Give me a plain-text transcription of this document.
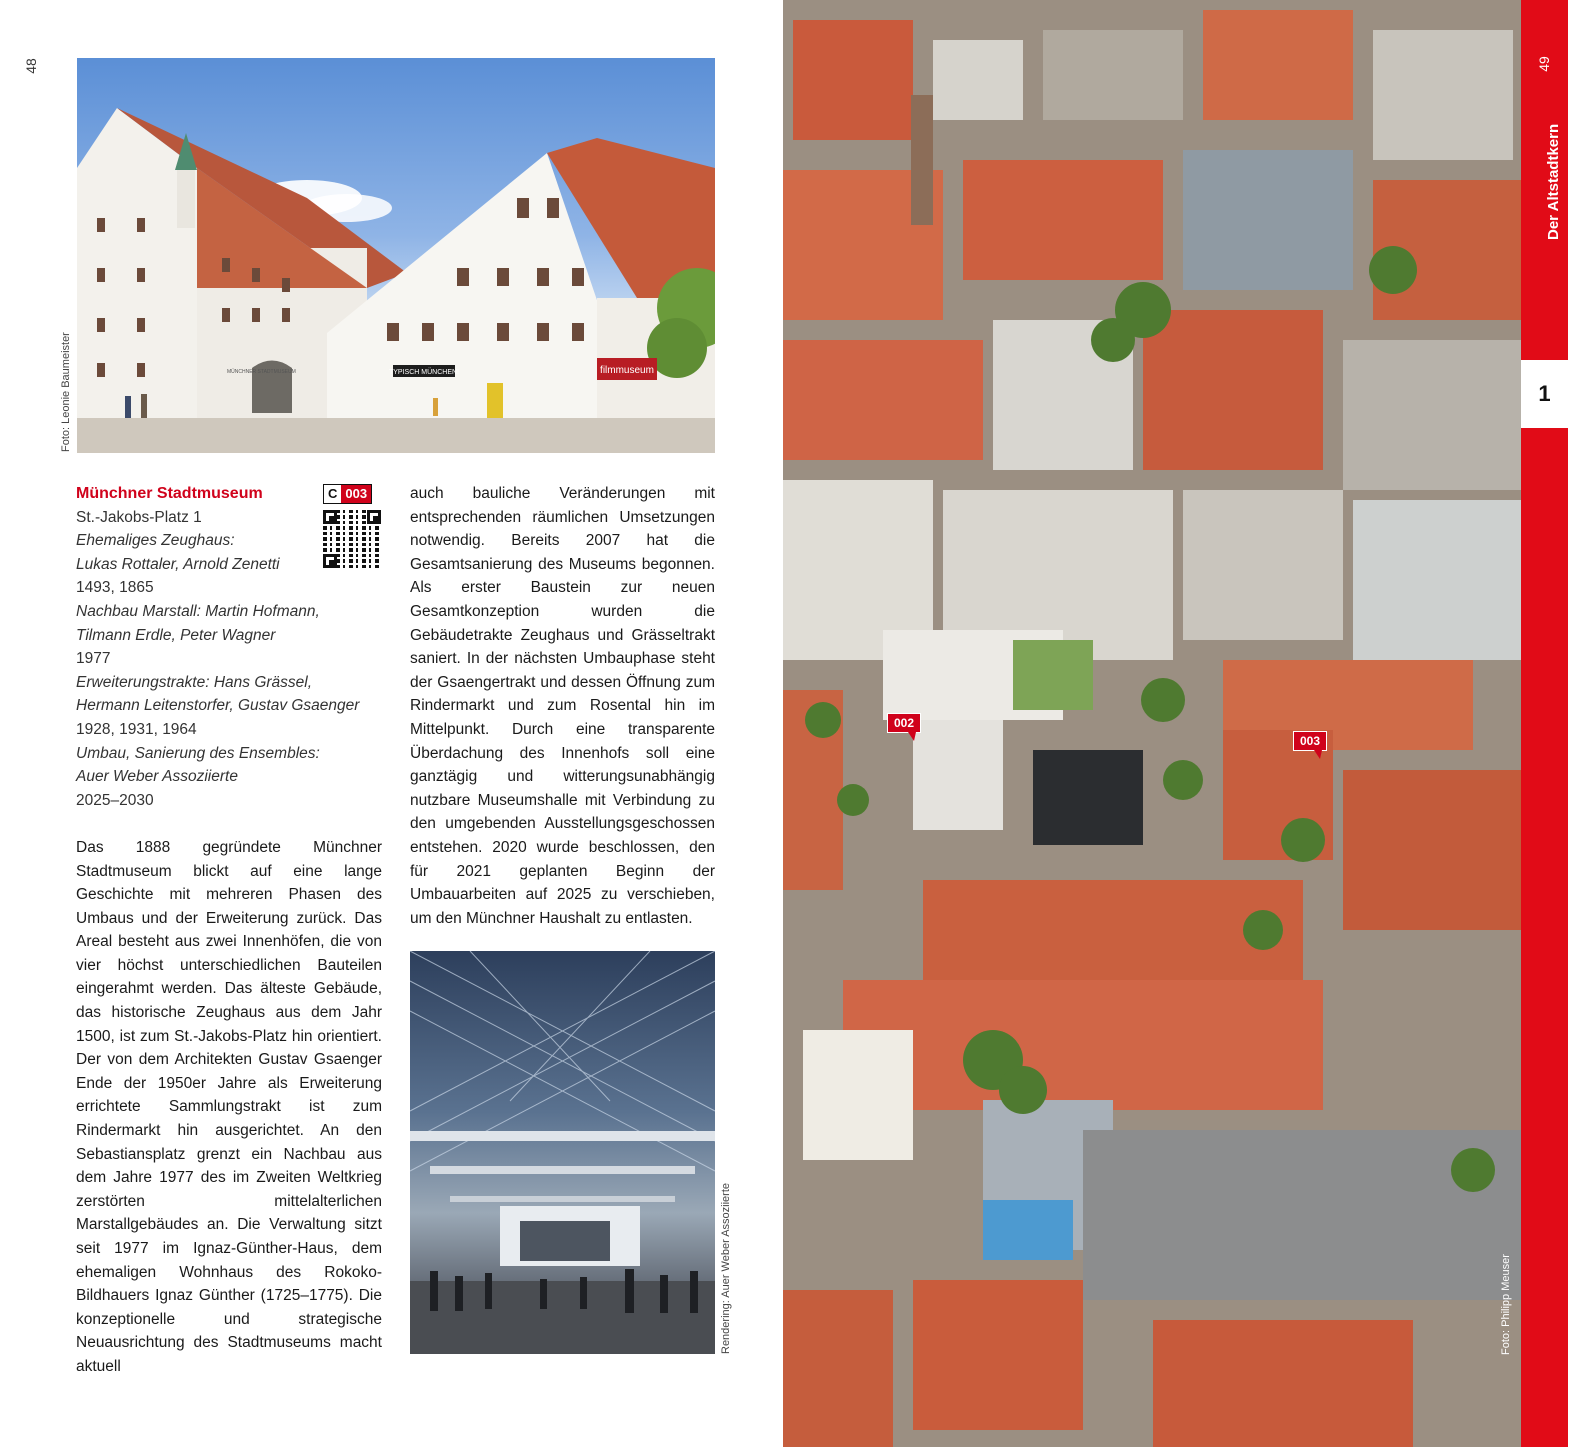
48
Foto: Leonie Baumeister	TYPISCH MÜNCHEN!	filmmuseum
MÜNCHNER STADTMUSEUM

Münchner Stadtmuseum

St.-Jakobs-Platz 1

Ehemaliges Zeughaus:

Lukas Rottaler, Arnold Zenetti

1493, 1865

Nachbau Marstall: Martin Hofmann,

Tilmann Erdle, Peter Wagner

1977

Erweiterungstrakte: Hans Grässel,

Hermann Leitenstorfer, Gustav Gsaenger

1928, 1931, 1964

Umbau, Sanierung des Ensembles:

Auer Weber Assoziierte

2025–2030

Das 1888 gegründete Münchner Stadtmuseum blickt auf eine lange Geschichte mit mehreren Phasen des Umbaus und der Erweiterung zurück. Das Areal besteht aus zwei Innenhöfen, die von vier höchst unterschiedlichen Bauteilen eingerahmt werden. Das älteste Gebäude, das historische Zeughaus aus dem Jahr 1500, ist zum St.-Jakobs-Platz hin orientiert. Der von dem Architekten Gustav Gsaenger Ende der 1950er Jahre als Erweiterung errichtete Sammlungstrakt ist zum Rindermarkt hin ausgerichtet. An den Sebastiansplatz grenzt ein Nachbau aus dem Jahre 1977 des im Zweiten Weltkrieg zerstörten mittelalterlichen Marstallgebäudes an. Die Verwaltung sitzt seit 1977 im Ignaz-Günther-Haus, dem ehemaligen Wohnhaus des Rokoko-Bildhauers Ignaz Günther (1725–1775). Die konzeptionelle und strategische Neuausrichtung des Stadtmuseums macht aktuell

C 003	auch bauliche Veränderungen mit entsprechenden räumlichen Umsetzungen notwendig. Bereits 2007 hat die Gesamtsanierung des Museums begonnen. Als erster Baustein zur neuen Gesamtkonzeption wurden die Gebäudetrakte Zeughaus und Grässeltrakt saniert. In der nächsten Umbauphase steht der Gsaengertrakt und dessen Öffnung zum Rindermarkt und zum Rosental hin im Mittelpunkt. Durch eine transparente Überdachung des Innenhofs soll eine ganztägig und witterungsunabhängig nutzbare Museumshalle mit Verbindung zu den umgebenden Ausstellungsgeschossen entstehen. 2020 wurde beschlossen, den für 2021 geplanten Beginn der Umbauarbeiten auf 2025 zu verschieben, um den Münchner Haushalt zu entlasten.

Rendering: Auer Weber Assoziierte
002
003
Foto: Philipp Meuser
1
49
Der Altstadtkern
